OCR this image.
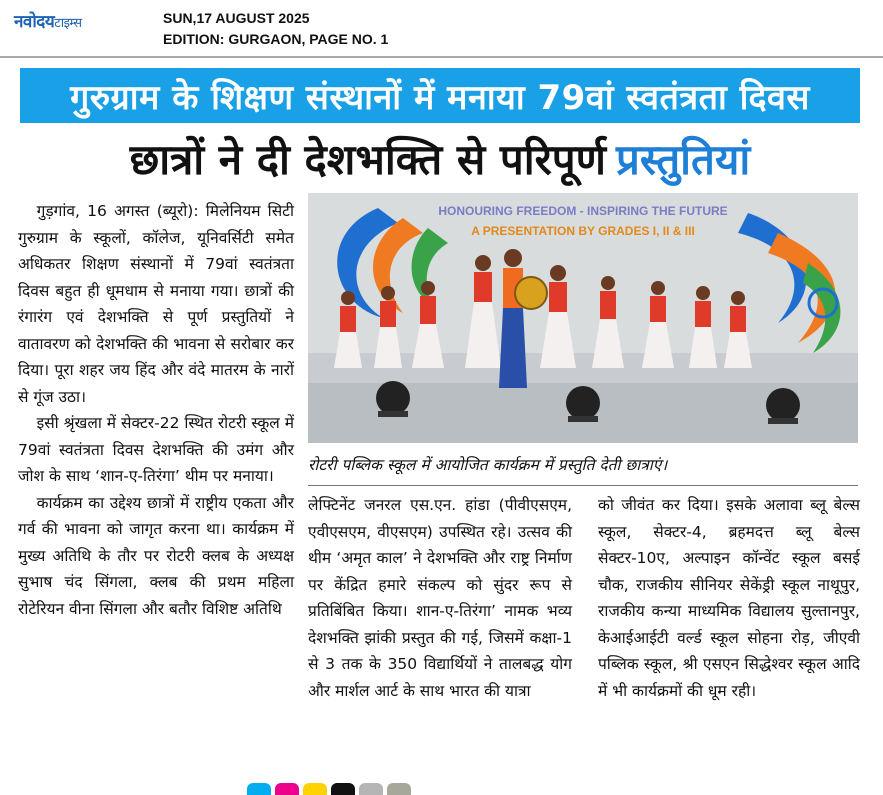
नवोदयटाइम्स	SUN,17 AUGUST 2025
EDITION: GURGAON, PAGE NO. 1
गुरुग्राम के शिक्षण संस्थानों में मनाया 79वां स्वतंत्रता दिवस
छात्रों ने दी देशभक्ति से परिपूर्ण प्रस्तुतियां

गुड़गांव, 16 अगस्त (ब्यूरो): मिलेनियम सिटी गुरुग्राम के स्कूलों, कॉलेज, यूनिवर्सिटी समेत अधिकतर शिक्षण संस्थानों में 79वां स्वतंत्रता दिवस बहुत ही धूमधाम से मनाया गया। छात्रों की रंगारंग एवं देशभक्ति से पूर्ण प्रस्तुतियों ने वातावरण को देशभक्ति की भावना से सरोबार कर दिया। पूरा शहर जय हिंद और वंदे मातरम के नारों से गूंज उठा।

इसी श्रृंखला में सेक्टर-22 स्थित रोटरी स्कूल में 79वां स्वतंत्रता दिवस देशभक्ति की उमंग और जोश के साथ ‘शान-ए-तिरंगा’ थीम पर मनाया।

कार्यक्रम का उद्देश्य छात्रों में राष्ट्रीय एकता और गर्व की भावना को जागृत करना था। कार्यक्रम में मुख्य अतिथि के तौर पर रोटरी क्लब के अध्यक्ष सुभाष चंद सिंगला, क्लब की प्रथम महिला रोटेरियन वीना सिंगला और बतौर विशिष्ट अतिथि

HONOURING FREEDOM - INSPIRING THE FUTURE
A PRESENTATION BY GRADES I, II & III
रोटरी पब्लिक स्कूल में आयोजित कार्यक्रम में प्रस्तुति देती छात्राएं।

लेफ्टिनेंट जनरल एस.एन. हांडा (पीवीएसएम, एवीएसएम, वीएसएम) उपस्थित रहे। उत्सव की थीम ‘अमृत काल’ ने देशभक्ति और राष्ट्र निर्माण पर केंद्रित हमारे संकल्प को सुंदर रूप से प्रतिबिंबित किया। शान-ए-तिरंगा’ नामक भव्य देशभक्ति झांकी प्रस्तुत की गई, जिसमें कक्षा-1 से 3 तक के 350 विद्यार्थियों ने तालबद्ध योग और मार्शल आर्ट के साथ भारत की यात्रा

को जीवंत कर दिया। इसके अलावा ब्लू बेल्स स्कूल, सेक्टर-4, ब्रहमदत्त ब्लू बेल्स सेक्टर-10ए, अल्पाइन कॉन्वेंट स्कूल बसई चौक, राजकीय सीनियर सेकेंड्री स्कूल नाथूपुर, राजकीय कन्या माध्यमिक विद्यालय सुल्तानपुर, केआईआईटी वर्ल्ड स्कूल सोहना रोड़, जीएवी पब्लिक स्कूल, श्री एसएन सिद्धेश्वर स्कूल आदि में भी कार्यक्रमों की धूम रही।
